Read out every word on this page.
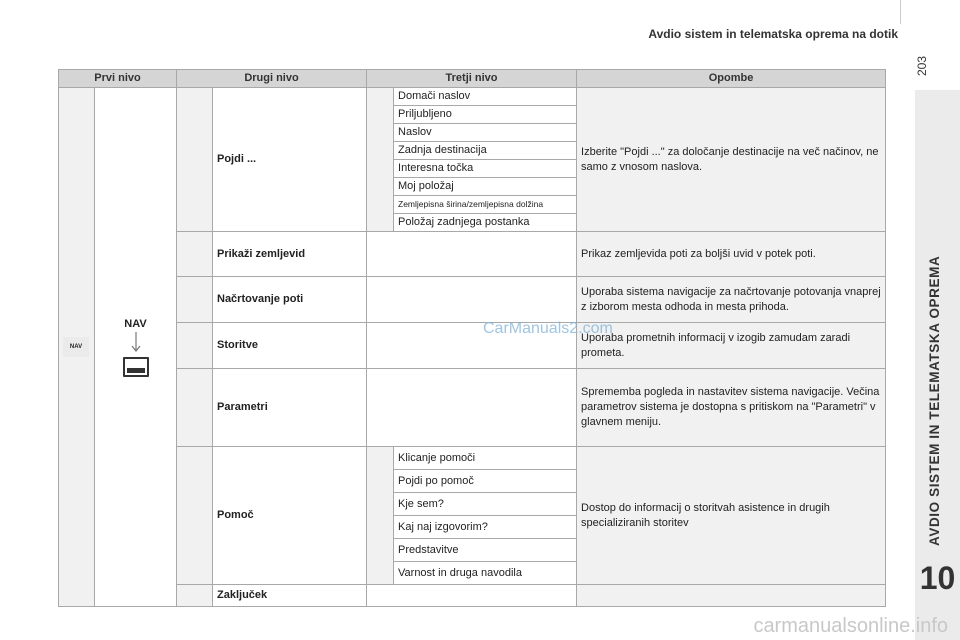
Avdio sistem in telematska oprema na dotik
203
AVDIO SISTEM IN TELEMATSKA OPREMA
10
Prvi nivo		Drugi nivo		Tretji nivo		Opombe
NAV	NAV		Pojdi ...		Domači naslov	Izberite "Pojdi ..." za določanje destinacije na več načinov, ne samo z vnosom naslova.
					Priljubljeno	
					Naslov	
					Zadnja destinacija	
					Interesna točka	
					Moj položaj	
					Zemljepisna širina/zemljepisna dolžina	
					Položaj zadnjega postanka	
			Prikaži zemljevid			Prikaz zemljevida poti za boljši uvid v potek poti.
			Načrtovanje poti			Uporaba sistema navigacije za načrtovanje potovanja vnaprej z izborom mesta odhoda in mesta prihoda.
			Storitve			Uporaba prometnih informacij v izogib zamudam zaradi prometa.
			Parametri			Sprememba pogleda in nastavitev sistema navigacije. Večina parametrov sistema je dostopna s pritiskom na "Parametri" v glavnem meniju.
			Pomoč		Klicanje pomoči	Dostop do informacij o storitvah asistence in drugih specializiranih storitev
					Pojdi po pomoč	
					Kje sem?	
					Kaj naj izgovorim?	
					Predstavitve	
					Varnost in druga navodila	
			Zaključek			
CarManuals2.com
carmanualsonline.info
